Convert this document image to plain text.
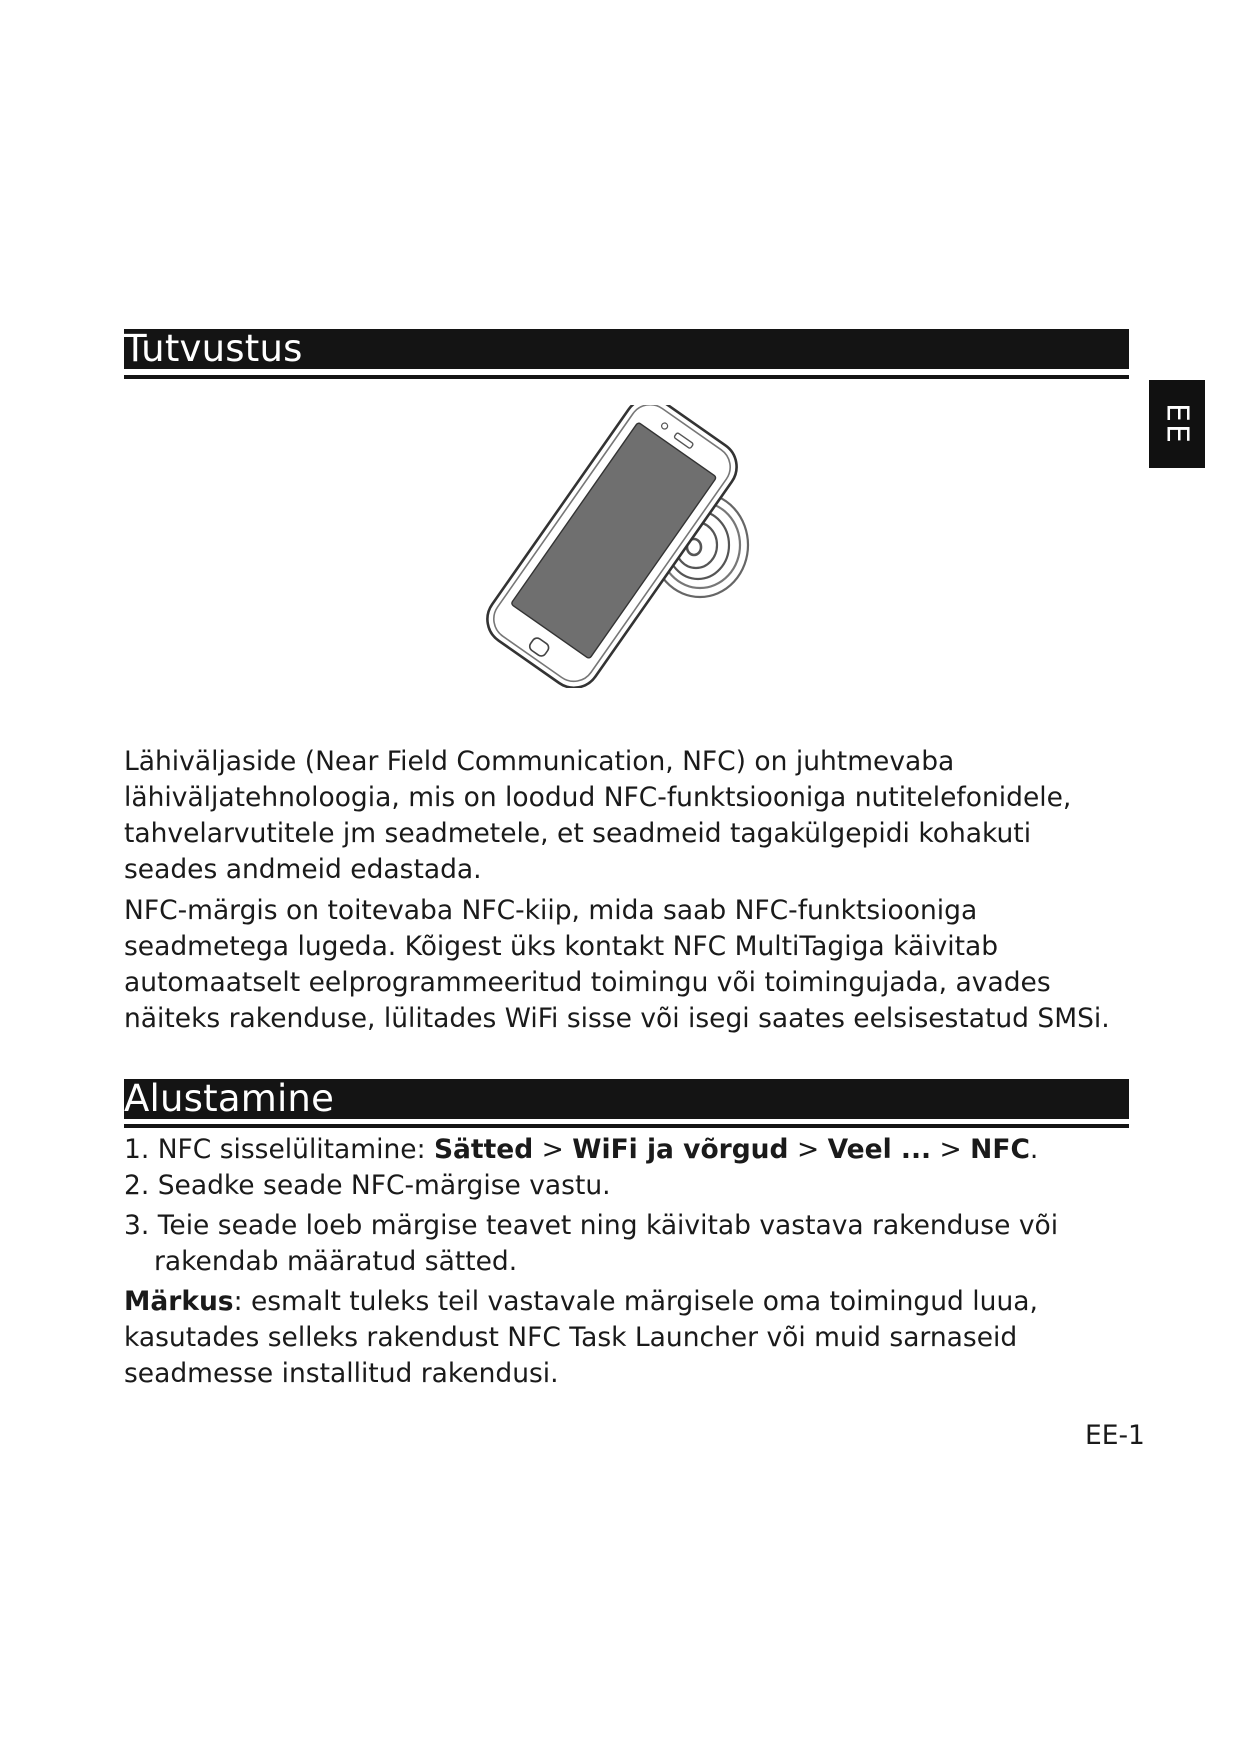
EE
Tutvustus

Lähiväljaside (Near Field Communication, NFC) on juhtmevaba lähiväljatehnoloogia, mis on loodud NFC-funktsiooniga nutitelefonidele, tahvelarvutitele jm seadmetele, et seadmeid tagakülgepidi kohakuti seades andmeid edastada.

NFC-märgis on toitevaba NFC-kiip, mida saab NFC-funktsiooniga seadmetega lugeda. Kõigest üks kontakt NFC MultiTagiga käivitab automaatselt eelprogrammeeritud toimingu või toimingujada, avades näiteks rakenduse, lülitades WiFi sisse või isegi saates eelsisestatud SMSi.

Alustamine
1. NFC sisselülitamine: Sätted > WiFi ja võrgud > Veel ... > NFC.
2. Seadke seade NFC-märgise vastu.
3. Teie seade loeb märgise teavet ning käivitab vastava rakenduse või rakendab määratud sätted.

Märkus: esmalt tuleks teil vastavale märgisele oma toimingud luua, kasutades selleks rakendust NFC Task Launcher või muid sarnaseid seadmesse installitud rakendusi.

EE-1
